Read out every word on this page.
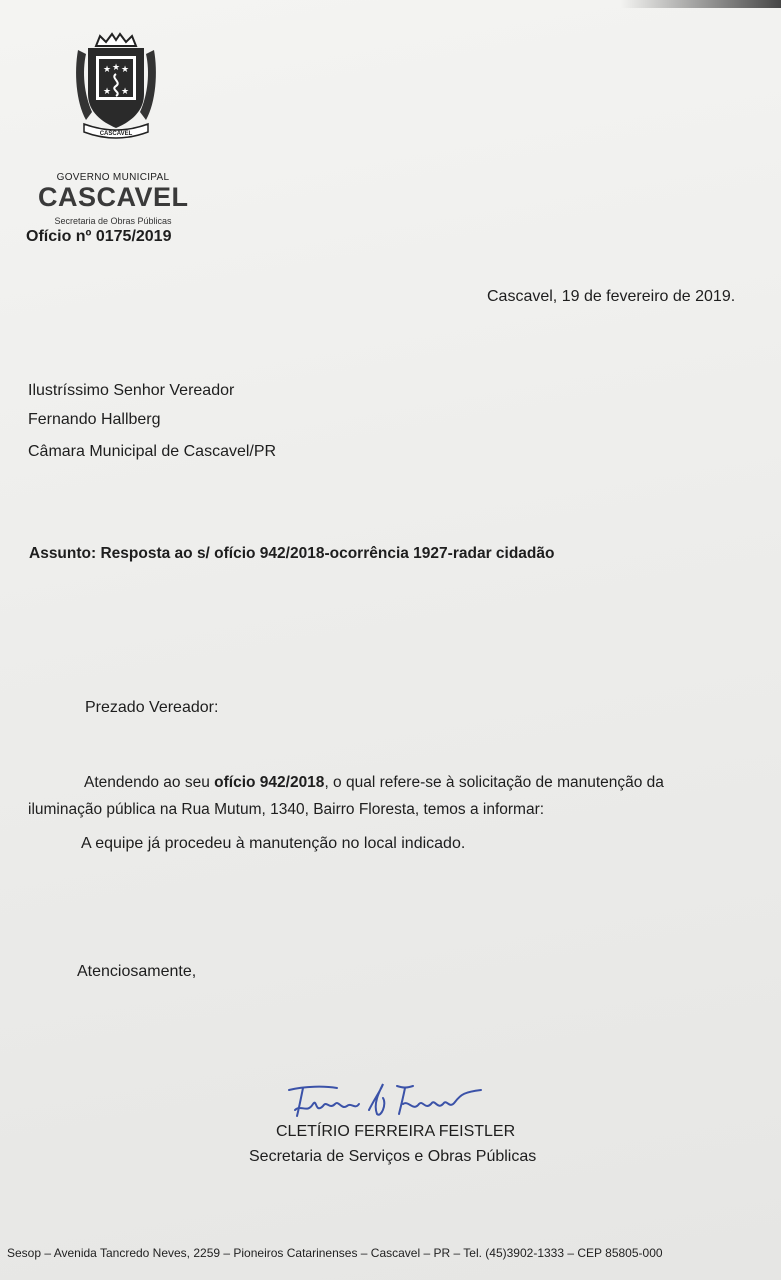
★ ★ ★
★ ★
CASCAVEL
GOVERNO MUNICIPAL
CASCAVEL
Secretaria de Obras Públicas
Ofício nº 0175/2019
Cascavel, 19 de fevereiro de 2019.
Ilustríssimo Senhor Vereador
Fernando Hallberg
Câmara Municipal de Cascavel/PR
Assunto: Resposta ao s/ ofício 942/2018-ocorrência 1927-radar cidadão
Prezado Vereador:
Atendendo ao seu ofício 942/2018, o qual refere-se à solicitação de manutenção da
iluminação pública na Rua Mutum, 1340, Bairro Floresta, temos a informar:
A equipe já procedeu à manutenção no local indicado.
Atenciosamente,
CLETÍRIO FERREIRA FEISTLER
Secretaria de Serviços e Obras Públicas
Sesop – Avenida Tancredo Neves, 2259 – Pioneiros Catarinenses – Cascavel – PR – Tel. (45)3902-1333 – CEP 85805-000
